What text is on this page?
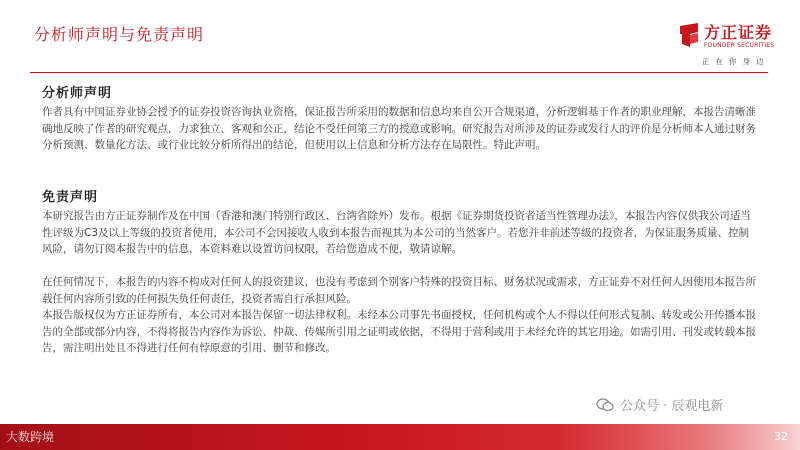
分析师声明与免责声明	方正证券
FOUNDER SECURITIES
正在你身边
分析师声明

作者具有中国证券业协会授予的证券投资咨询执业资格，保证报告所采用的数据和信息均来自公开合规渠道，分析逻辑基于作者的职业理解，本报告清晰准确地反映了作者的研究观点，力求独立、客观和公正，结论不受任何第三方的授意或影响。研究报告对所涉及的证券或发行人的评价是分析师本人通过财务分析预测、数量化方法、或行业比较分析所得出的结论，但使用以上信息和分析方法存在局限性。特此声明。

免责声明

本研究报告由方正证券制作及在中国（香港和澳门特别行政区、台湾省除外）发布。根据《证券期货投资者适当性管理办法》，本报告内容仅供我公司适当性评级为C3及以上等级的投资者使用，本公司不会因接收人收到本报告而视其为本公司的当然客户。若您并非前述等级的投资者，为保证服务质量、控制风险，请勿订阅本报告中的信息，本资料难以设置访问权限，若给您造成不便，敬请谅解。

在任何情况下，本报告的内容不构成对任何人的投资建议，也没有考虑到个别客户特殊的投资目标、财务状况或需求，方正证券不对任何人因使用本报告所载任何内容所引致的任何损失负任何责任，投资者需自行承担风险。

本报告版权仅为方正证券所有，本公司对本报告保留一切法律权利。未经本公司事先书面授权，任何机构或个人不得以任何形式复制、转发或公开传播本报告的全部或部分内容，不得将报告内容作为诉讼、仲裁、传媒所引用之证明或依据，不得用于营利或用于未经允许的其它用途。如需引用、刊发或转载本报告，需注明出处且不得进行任何有悖原意的引用、删节和修改。

公众号 · 辰观电新
大数跨境	32
